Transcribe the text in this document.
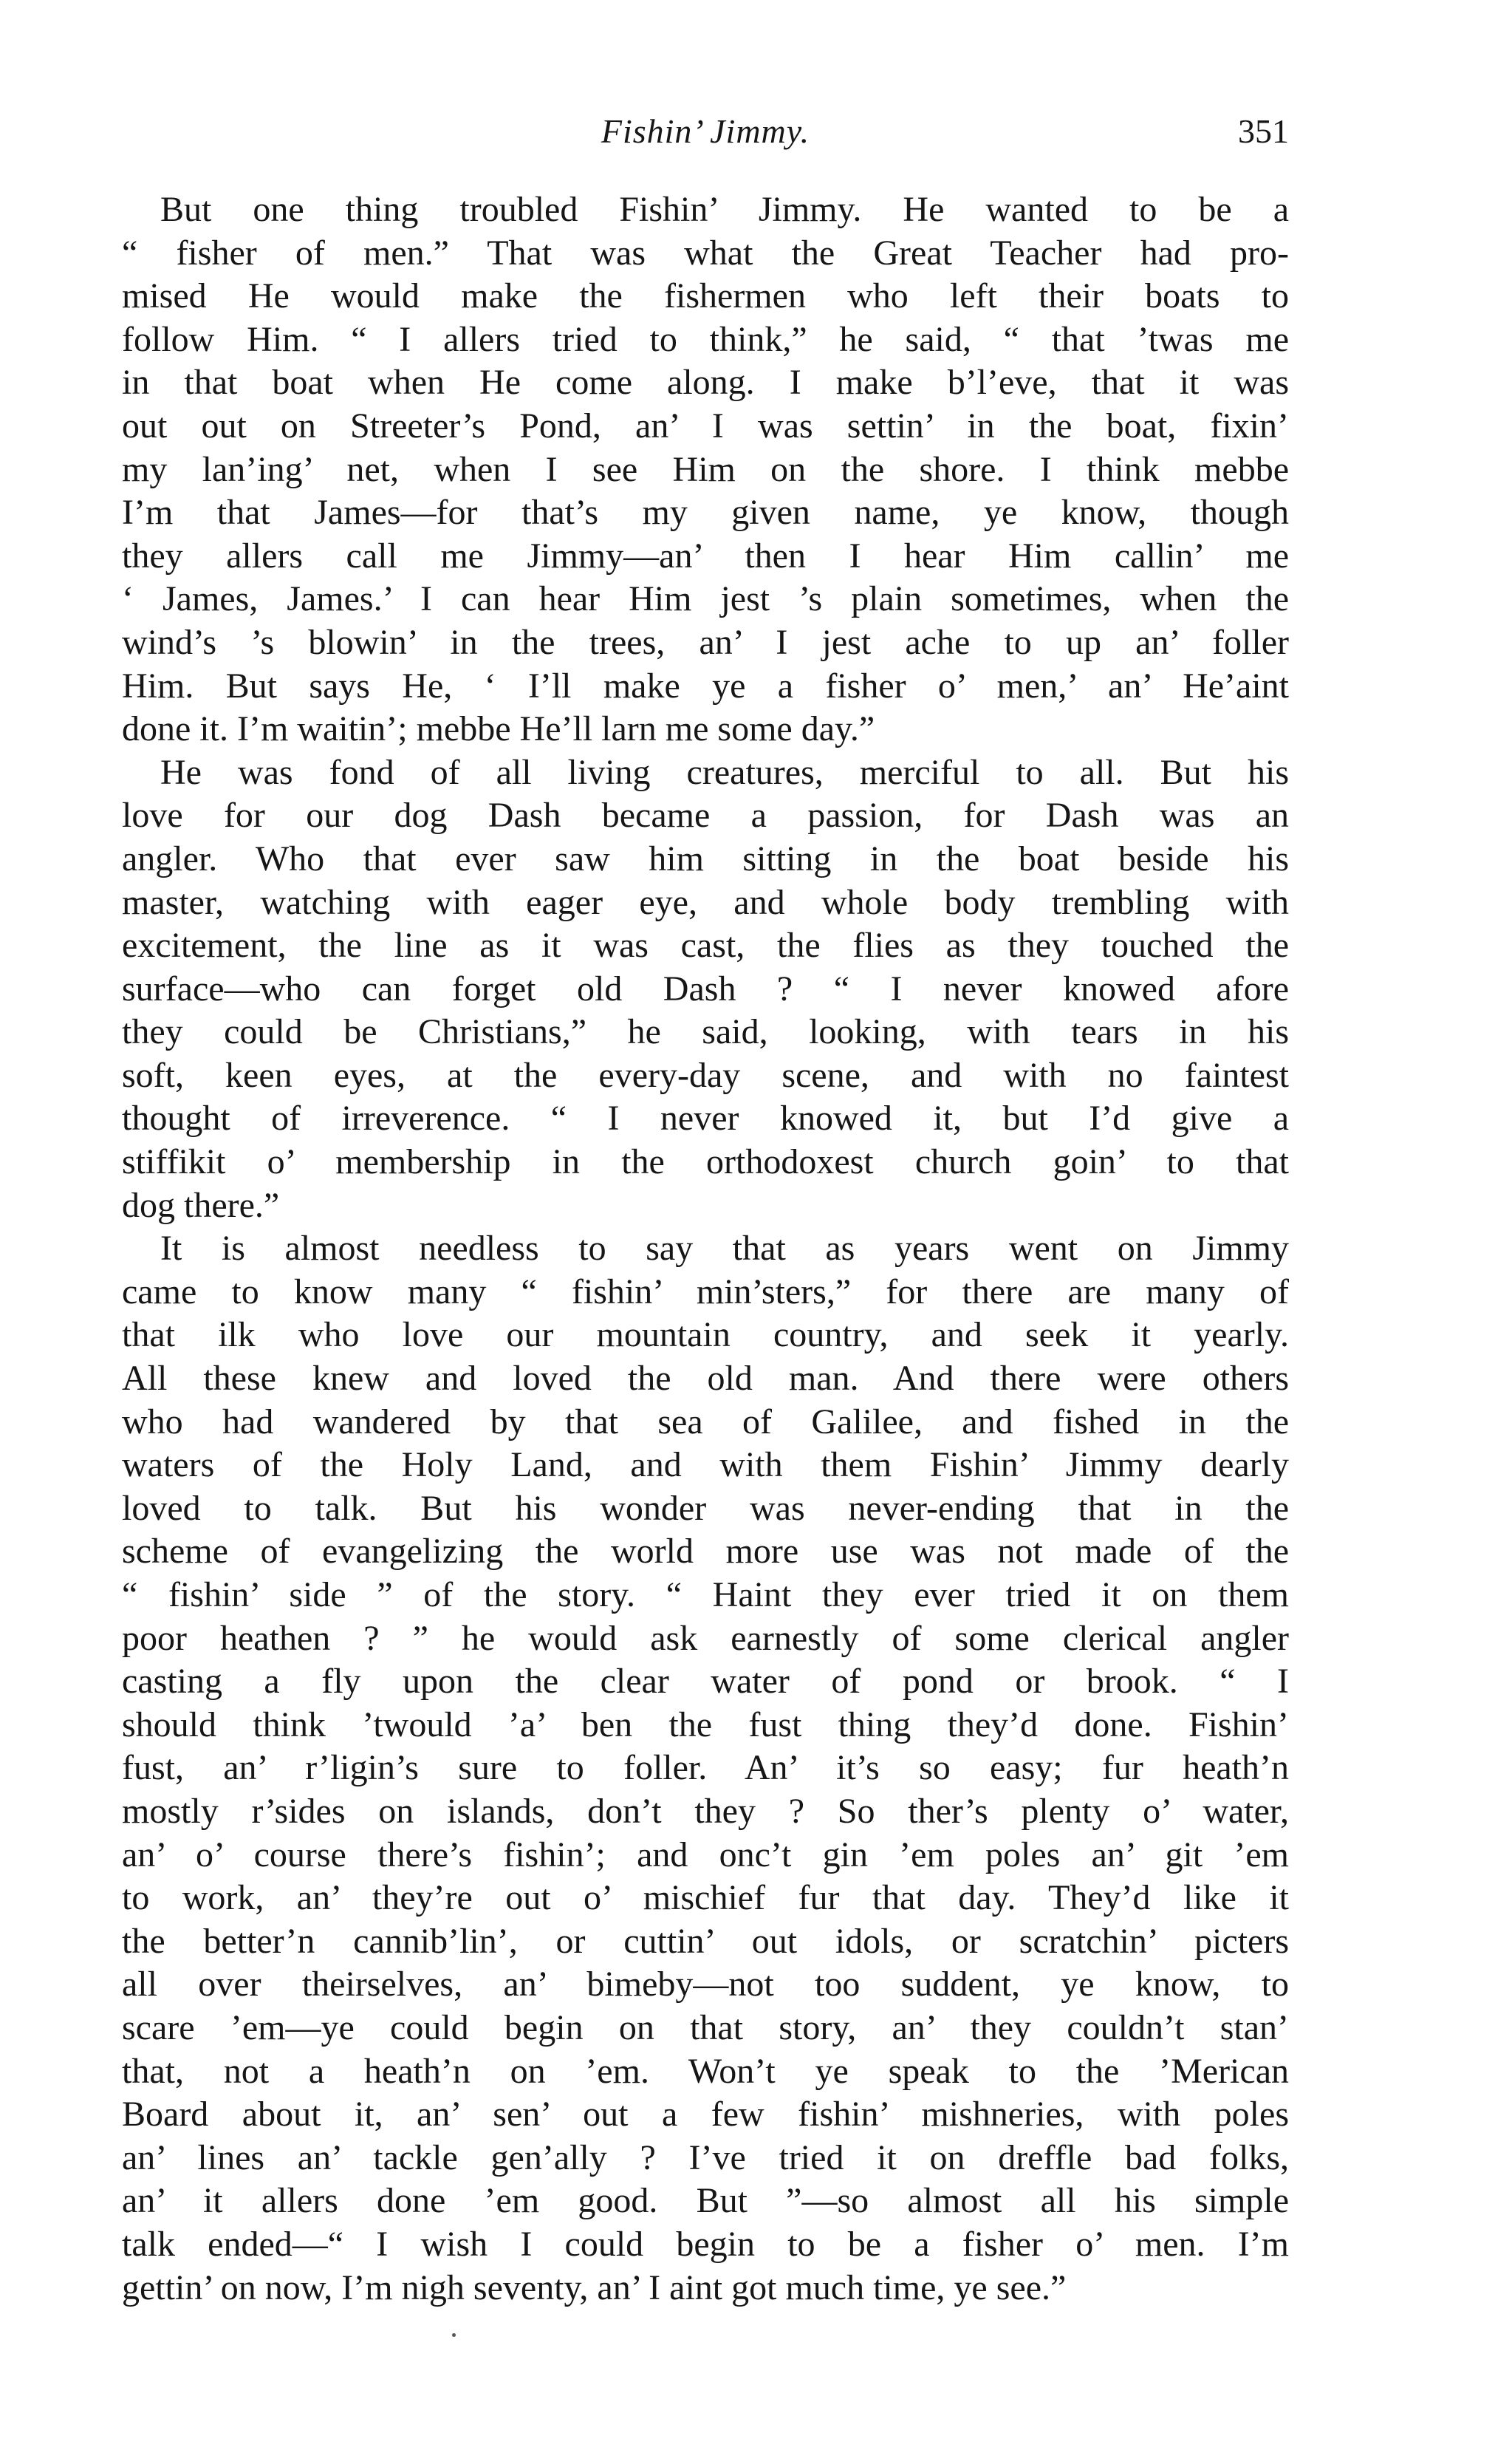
Fishin’ Jimmy.	351
But one thing troubled Fishin’ Jimmy. He wanted to be a
“ fisher of men.” That was what the Great Teacher had pro-
mised He would make the fishermen who left their boats to
follow Him. “ I allers tried to think,” he said, “ that ’twas me
in that boat when He come along. I make b’l’eve, that it was
out out on Streeter’s Pond, an’ I was settin’ in the boat, fixin’
my lan’ing’ net, when I see Him on the shore. I think mebbe
I’m that James—for that’s my given name, ye know, though
they allers call me Jimmy—an’ then I hear Him callin’ me
‘ James, James.’ I can hear Him jest ’s plain sometimes, when the
wind’s ’s blowin’ in the trees, an’ I jest ache to up an’ foller
Him. But says He, ‘ I’ll make ye a fisher o’ men,’ an’ He’aint
done it. I’m waitin’; mebbe He’ll larn me some day.”
He was fond of all living creatures, merciful to all. But his
love for our dog Dash became a passion, for Dash was an
angler. Who that ever saw him sitting in the boat beside his
master, watching with eager eye, and whole body trembling with
excitement, the line as it was cast, the flies as they touched the
surface—who can forget old Dash ? “ I never knowed afore
they could be Christians,” he said, looking, with tears in his
soft, keen eyes, at the every-day scene, and with no faintest
thought of irreverence. “ I never knowed it, but I’d give a
stiffikit o’ membership in the orthodoxest church goin’ to that
dog there.”
It is almost needless to say that as years went on Jimmy
came to know many “ fishin’ min’sters,” for there are many of
that ilk who love our mountain country, and seek it yearly.
All these knew and loved the old man. And there were others
who had wandered by that sea of Galilee, and fished in the
waters of the Holy Land, and with them Fishin’ Jimmy dearly
loved to talk. But his wonder was never-ending that in the
scheme of evangelizing the world more use was not made of the
“ fishin’ side ” of the story. “ Haint they ever tried it on them
poor heathen ? ” he would ask earnestly of some clerical angler
casting a fly upon the clear water of pond or brook. “ I
should think ’twould ’a’ ben the fust thing they’d done. Fishin’
fust, an’ r’ligin’s sure to foller. An’ it’s so easy; fur heath’n
mostly r’sides on islands, don’t they ? So ther’s plenty o’ water,
an’ o’ course there’s fishin’; and onc’t gin ’em poles an’ git ’em
to work, an’ they’re out o’ mischief fur that day. They’d like it
the better’n cannib’lin’, or cuttin’ out idols, or scratchin’ picters
all over theirselves, an’ bimeby—not too suddent, ye know, to
scare ’em—ye could begin on that story, an’ they couldn’t stan’
that, not a heath’n on ’em. Won’t ye speak to the ’Merican
Board about it, an’ sen’ out a few fishin’ mishneries, with poles
an’ lines an’ tackle gen’ally ? I’ve tried it on dreffle bad folks,
an’ it allers done ’em good. But ”—so almost all his simple
talk ended—“ I wish I could begin to be a fisher o’ men. I’m
gettin’ on now, I’m nigh seventy, an’ I aint got much time, ye see.”
